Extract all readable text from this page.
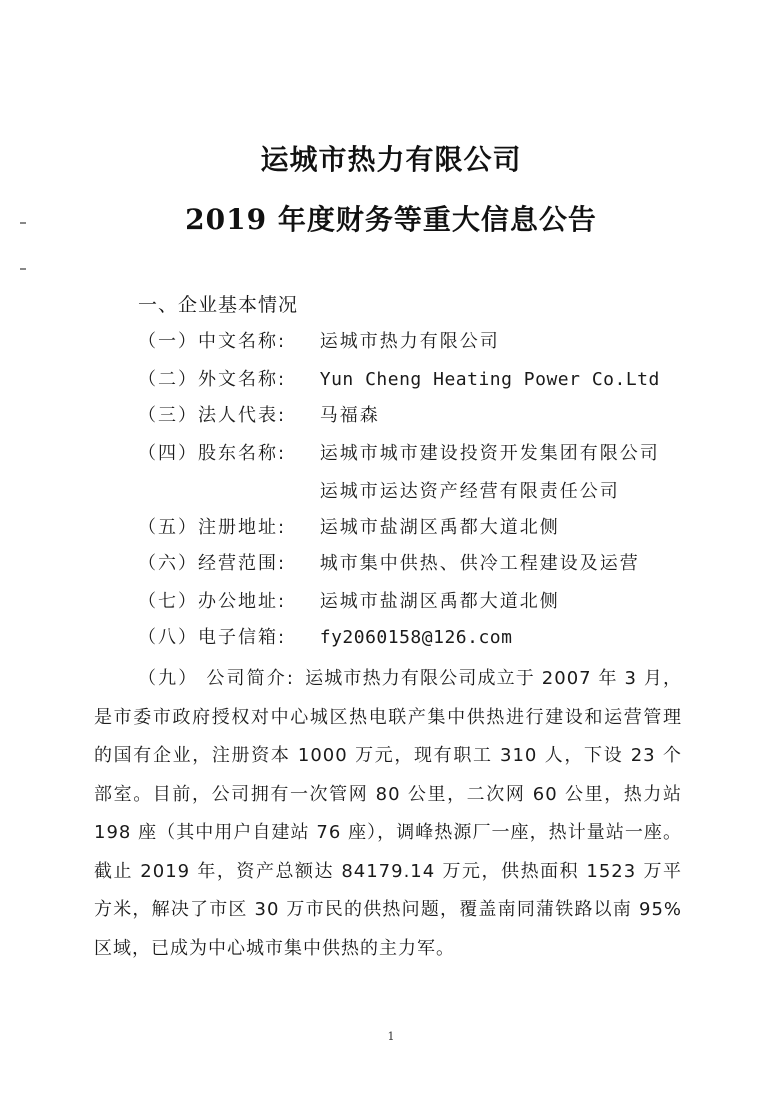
运城市热力有限公司
2019 年度财务等重大信息公告
一、企业基本情况
（一）中文名称: 运城市热力有限公司
（二）外文名称: Yun Cheng Heating Power Co.Ltd
（三）法人代表: 马福森
（四）股东名称: 运城市城市建设投资开发集团有限公司
运城市运达资产经营有限责任公司
（五）注册地址: 运城市盐湖区禹都大道北侧
（六）经营范围: 城市集中供热、供冷工程建设及运营
（七）办公地址: 运城市盐湖区禹都大道北侧
（八）电子信箱: fy2060158@126.com
（九） 公司简介: 运城市热力有限公司成立于 2007 年 3 月，是市委市政府授权对中心城区热电联产集中供热进行建设和运营管理的国有企业，注册资本 1000 万元，现有职工 310 人，下设 23 个部室。目前，公司拥有一次管网 80 公里，二次网 60 公里，热力站 198 座（其中用户自建站 76 座），调峰热源厂一座，热计量站一座。截止 2019 年，资产总额达 84179.14 万元，供热面积 1523 万平方米，解决了市区 30 万市民的供热问题，覆盖南同蒲铁路以南 95%区域，已成为中心城市集中供热的主力军。
1
